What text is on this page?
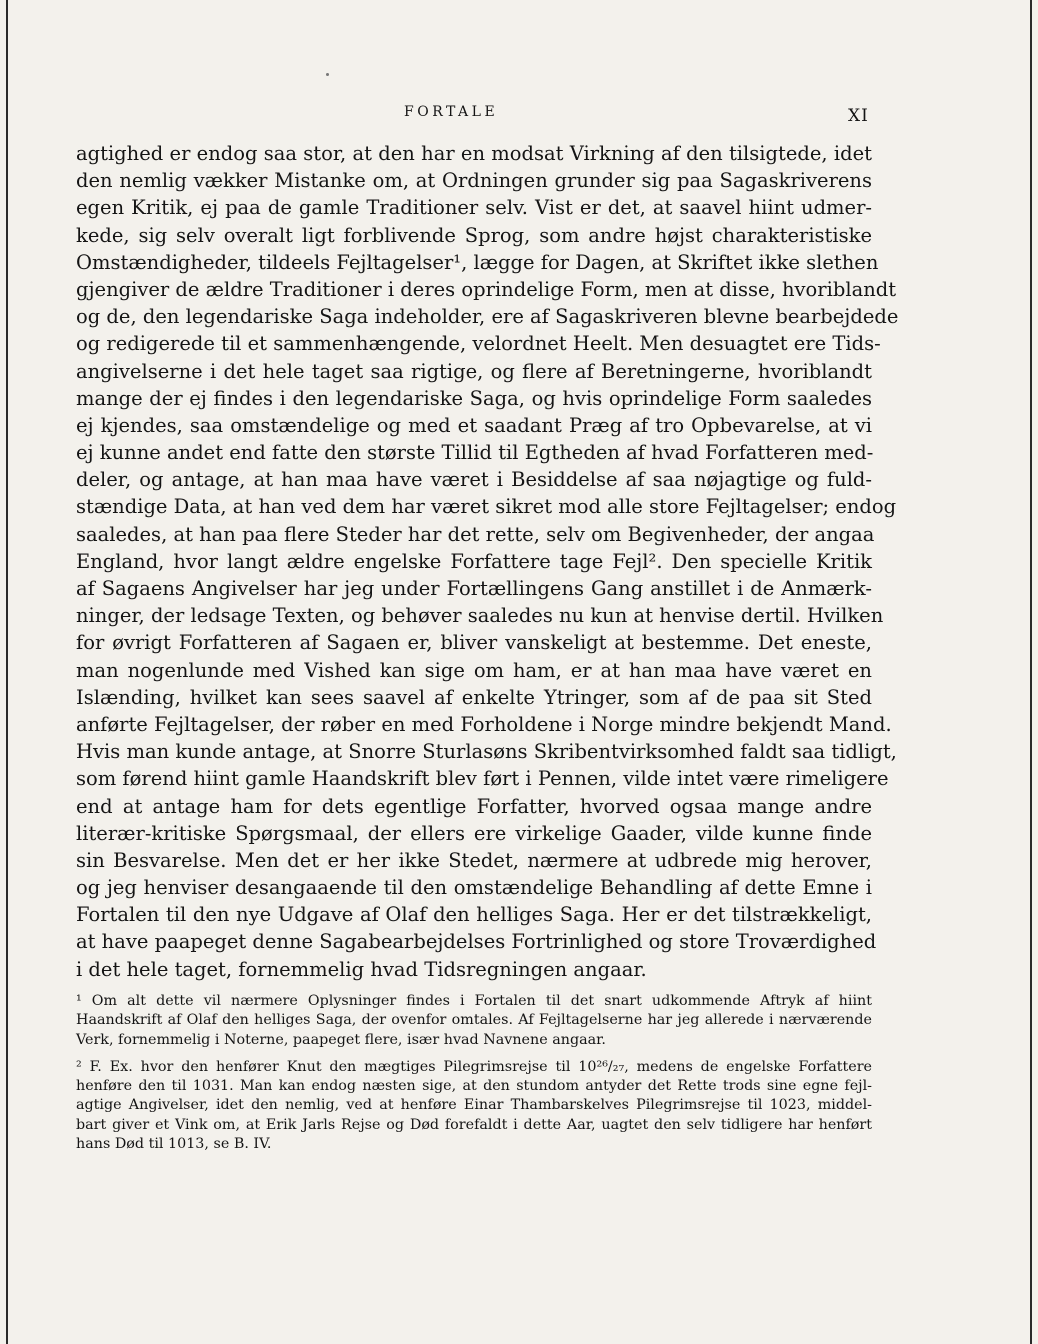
FORTALE	XI
agtighed er endog saa stor, at den har en modsat Virkning af den tilsigtede, idet
den nemlig vækker Mistanke om, at Ordningen grunder sig paa Sagaskriverens
egen Kritik, ej paa de gamle Traditioner selv. Vist er det, at saavel hiint udmer-
kede, sig selv overalt ligt forblivende Sprog, som andre højst charakteristiske
Omstændigheder, tildeels Fejltagelser¹, lægge for Dagen, at Skriftet ikke slethen
gjengiver de ældre Traditioner i deres oprindelige Form, men at disse, hvoriblandt
og de, den legendariske Saga indeholder, ere af Sagaskriveren blevne bearbejdede
og redigerede til et sammenhængende, velordnet Heelt. Men desuagtet ere Tids-
angivelserne i det hele taget saa rigtige, og flere af Beretningerne, hvoriblandt
mange der ej findes i den legendariske Saga, og hvis oprindelige Form saaledes
ej kjendes, saa omstændelige og med et saadant Præg af tro Opbevarelse, at vi
ej kunne andet end fatte den største Tillid til Egtheden af hvad Forfatteren med-
deler, og antage, at han maa have været i Besiddelse af saa nøjagtige og fuld-
stændige Data, at han ved dem har været sikret mod alle store Fejltagelser; endog
saaledes, at han paa flere Steder har det rette, selv om Begivenheder, der angaa
England, hvor langt ældre engelske Forfattere tage Fejl². Den specielle Kritik
af Sagaens Angivelser har jeg under Fortællingens Gang anstillet i de Anmærk-
ninger, der ledsage Texten, og behøver saaledes nu kun at henvise dertil. Hvilken
for øvrigt Forfatteren af Sagaen er, bliver vanskeligt at bestemme. Det eneste,
man nogenlunde med Vished kan sige om ham, er at han maa have været en
Islænding, hvilket kan sees saavel af enkelte Ytringer, som af de paa sit Sted
anførte Fejltagelser, der røber en med Forholdene i Norge mindre bekjendt Mand.
Hvis man kunde antage, at Snorre Sturlasøns Skribentvirksomhed faldt saa tidligt,
som førend hiint gamle Haandskrift blev ført i Pennen, vilde intet være rimeligere
end at antage ham for dets egentlige Forfatter, hvorved ogsaa mange andre
literær-kritiske Spørgsmaal, der ellers ere virkelige Gaader, vilde kunne finde
sin Besvarelse. Men det er her ikke Stedet, nærmere at udbrede mig herover,
og jeg henviser desangaaende til den omstændelige Behandling af dette Emne i
Fortalen til den nye Udgave af Olaf den helliges Saga. Her er det tilstrækkeligt,
at have paapeget denne Sagabearbejdelses Fortrinlighed og store Troværdighed
i det hele taget, fornemmelig hvad Tidsregningen angaar.
¹ Om alt dette vil nærmere Oplysninger findes i Fortalen til det snart udkommende Aftryk af hiint
Haandskrift af Olaf den helliges Saga, der ovenfor omtales. Af Fejltagelserne har jeg allerede i nærværende
Verk, fornemmelig i Noterne, paapeget flere, især hvad Navnene angaar.
² F. Ex. hvor den henfører Knut den mægtiges Pilegrimsrejse til 10²⁶/₂₇, medens de engelske Forfattere
henføre den til 1031. Man kan endog næsten sige, at den stundom antyder det Rette trods sine egne fejl-
agtige Angivelser, idet den nemlig, ved at henføre Einar Thambarskelves Pilegrimsrejse til 1023, middel-
bart giver et Vink om, at Erik Jarls Rejse og Død forefaldt i dette Aar, uagtet den selv tidligere har henført
hans Død til 1013, se B. IV.
